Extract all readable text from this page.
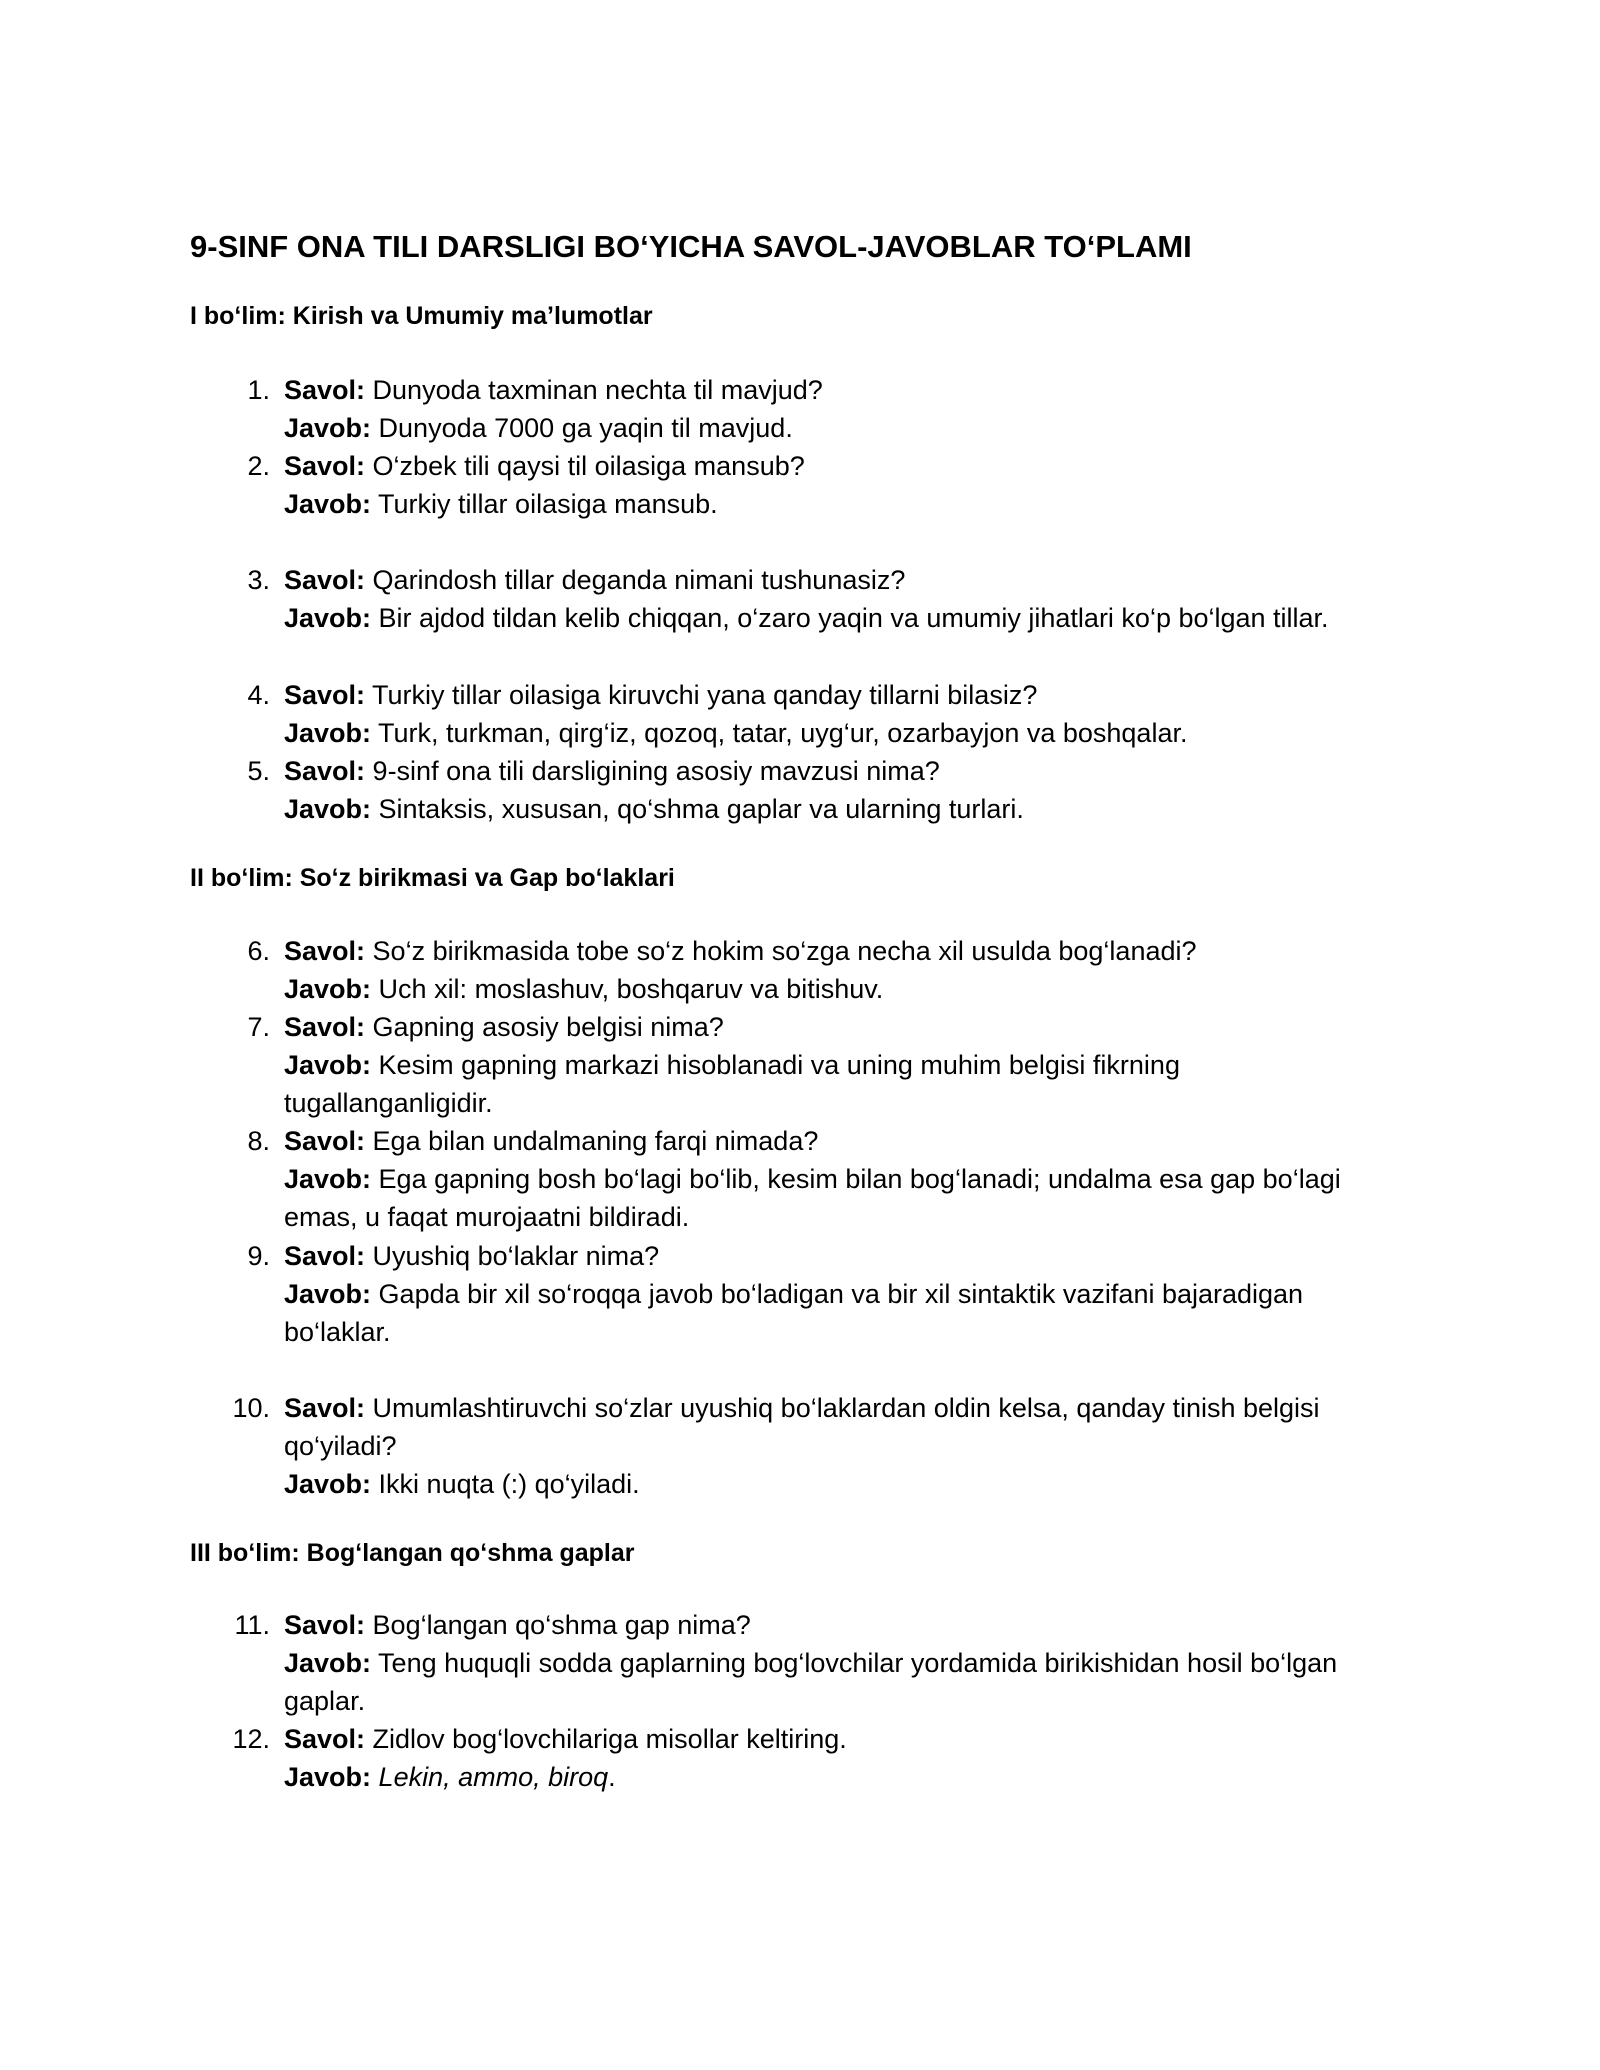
9-SINF ONA TILI DARSLIGI BO‘YICHA SAVOL-JAVOBLAR TO‘PLAMI
I bo‘lim: Kirish va Umumiy ma’lumotlar
1. Savol: Dunyoda taxminan nechta til mavjud?
Javob: Dunyoda 7000 ga yaqin til mavjud.
2. Savol: O‘zbek tili qaysi til oilasiga mansub?
Javob: Turkiy tillar oilasiga mansub.
3. Savol: Qarindosh tillar deganda nimani tushunasiz?
Javob: Bir ajdod tildan kelib chiqqan, o‘zaro yaqin va umumiy jihatlari ko‘p bo‘lgan tillar.
4. Savol: Turkiy tillar oilasiga kiruvchi yana qanday tillarni bilasiz?
Javob: Turk, turkman, qirg‘iz, qozoq, tatar, uyg‘ur, ozarbayjon va boshqalar.
5. Savol: 9-sinf ona tili darsligining asosiy mavzusi nima?
Javob: Sintaksis, xususan, qo‘shma gaplar va ularning turlari.
II bo‘lim: So‘z birikmasi va Gap bo‘laklari
6. Savol: So‘z birikmasida tobe so‘z hokim so‘zga necha xil usulda bog‘lanadi?
Javob: Uch xil: moslashuv, boshqaruv va bitishuv.
7. Savol: Gapning asosiy belgisi nima?
Javob: Kesim gapning markazi hisoblanadi va uning muhim belgisi fikrning
tugallanganligidir.
8. Savol: Ega bilan undalmaning farqi nimada?
Javob: Ega gapning bosh bo‘lagi bo‘lib, kesim bilan bog‘lanadi; undalma esa gap bo‘lagi
emas, u faqat murojaatni bildiradi.
9. Savol: Uyushiq bo‘laklar nima?
Javob: Gapda bir xil so‘roqqa javob bo‘ladigan va bir xil sintaktik vazifani bajaradigan
bo‘laklar.
10. Savol: Umumlashtiruvchi so‘zlar uyushiq bo‘laklardan oldin kelsa, qanday tinish belgisi
qo‘yiladi?
Javob: Ikki nuqta (:) qo‘yiladi.
III bo‘lim: Bog‘langan qo‘shma gaplar
11. Savol: Bog‘langan qo‘shma gap nima?
Javob: Teng huquqli sodda gaplarning bog‘lovchilar yordamida birikishidan hosil bo‘lgan
gaplar.
12. Savol: Zidlov bog‘lovchilariga misollar keltiring.
Javob: Lekin, ammo, biroq.
